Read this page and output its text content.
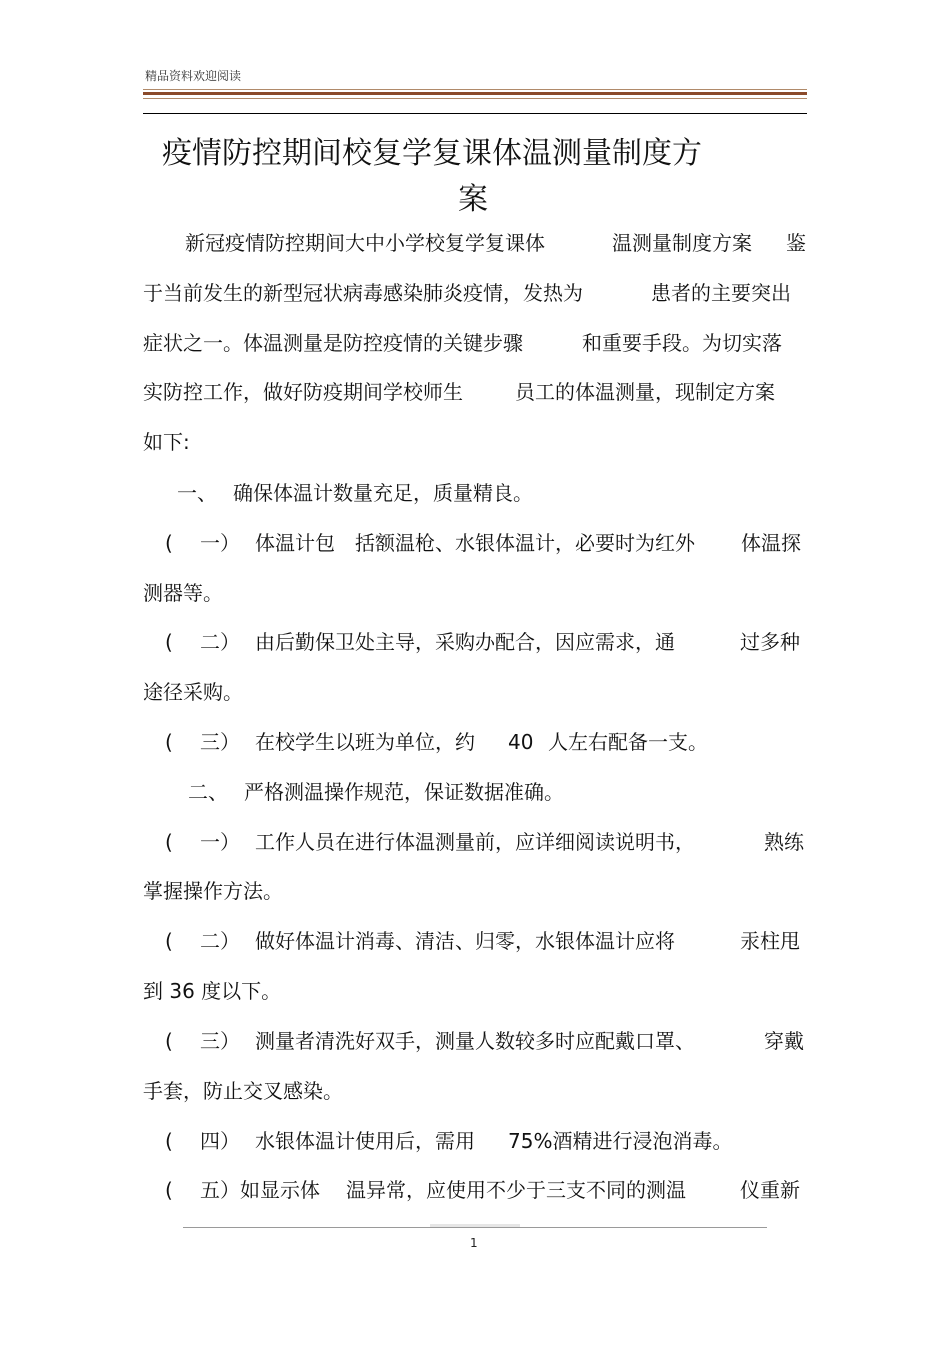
精品资料欢迎阅读
疫情防控期间校复学复课体温测量制度方
案
新冠疫情防控期间大中小学校复学复课体	温测量制度方案 鉴
于当前发生的新型冠状病毒感染肺炎疫情，发热为	患者的主要突出
症状之一。体温测量是防控疫情的关键步骤	和重要手段。为切实落
实防控工作，做好防疫期间学校师生	员工的体温测量，现制定方案
如下:
一、 确保体温计数量充足，质量精良。
( 一） 体温计包 括额温枪、水银体温计，必要时为红外 体温探
测器等。
( 二） 由后勤保卫处主导，采购办配合，因应需求，通	过多种
途径采购。
( 三） 在校学生以班为单位，约 40 人左右配备一支。
二、 严格测温操作规范，保证数据准确。
( 一） 工作人员在进行体温测量前，应详细阅读说明书，	熟练
掌握操作方法。
( 二） 做好体温计消毒、清洁、归零，水银体温计应将	汞柱甩
到 36 度以下。
( 三） 测量者清洗好双手，测量人数较多时应配戴口罩、	穿戴
手套，防止交叉感染。
( 四） 水银体温计使用后，需用 75%酒精进行浸泡消毒。
( 五）如显示体 温异常，应使用不少于三支不同的测温	仪重新
1
